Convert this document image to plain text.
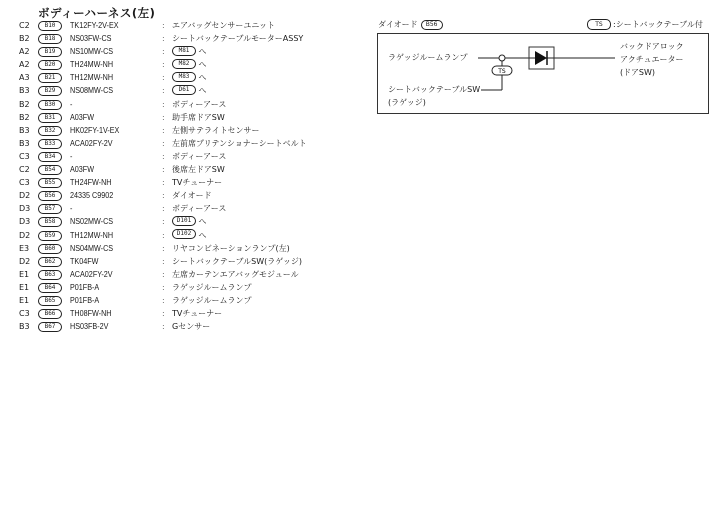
ボディーハーネス(左)
C2	B10	TK12FY-2V-EX	: エアバッグセンサーユニット
B2	B18	NS03FW-CS	: シートバックテーブルモーターASSY
A2	B19	NS10MW-CS	:	M81 へ
A2	B20	TH24MW-NH	:	M82 へ
A3	B21	TH12MW-NH	:	M83 へ
B3	B29	NS08MW-CS	:	D61 へ
B2	B30	-	: ボディーアース
B2	B31	A03FW	: 助手席ドアSW
B3	B32	HK02FY-1V-EX	: 左側サテライトセンサー
B3	B33	ACA02FY-2V	: 左前席プリテンショナーシートベルト
C3	B34	-	: ボディーアース
C2	B54	A03FW	: 後席左ドアSW
C3	B55	TH24FW-NH	: TVチューナー
D2	B56	24335 C9902	: ダイオード
D3	B57	-	: ボディーアース
D3	B58	NS02MW-CS	:	D101 へ
D2	B59	TH12MW-NH	:	D102 へ
E3	B60	NS04MW-CS	: リヤコンビネーションランプ(左)
D2	B62	TK04FW	: シートバックテーブルSW(ラゲッジ)
E1	B63	ACA02FY-2V	: 左席カーテンエアバッグモジュール
E1	B64	P01FB-A	: ラゲッジルームランプ
E1	B65	P01FB-A	: ラゲッジルームランプ
C3	B66	TH08FW-NH	: TVチューナー
B3	B67	HS03FB-2V	: Gセンサー
ダイオード B56	TS :シートバックテーブル付
ラゲッジルームランプ
シートバックテーブルSW
(ラゲッジ)
バックドアロック
アクチュエーター
(ドアSW)
TS
